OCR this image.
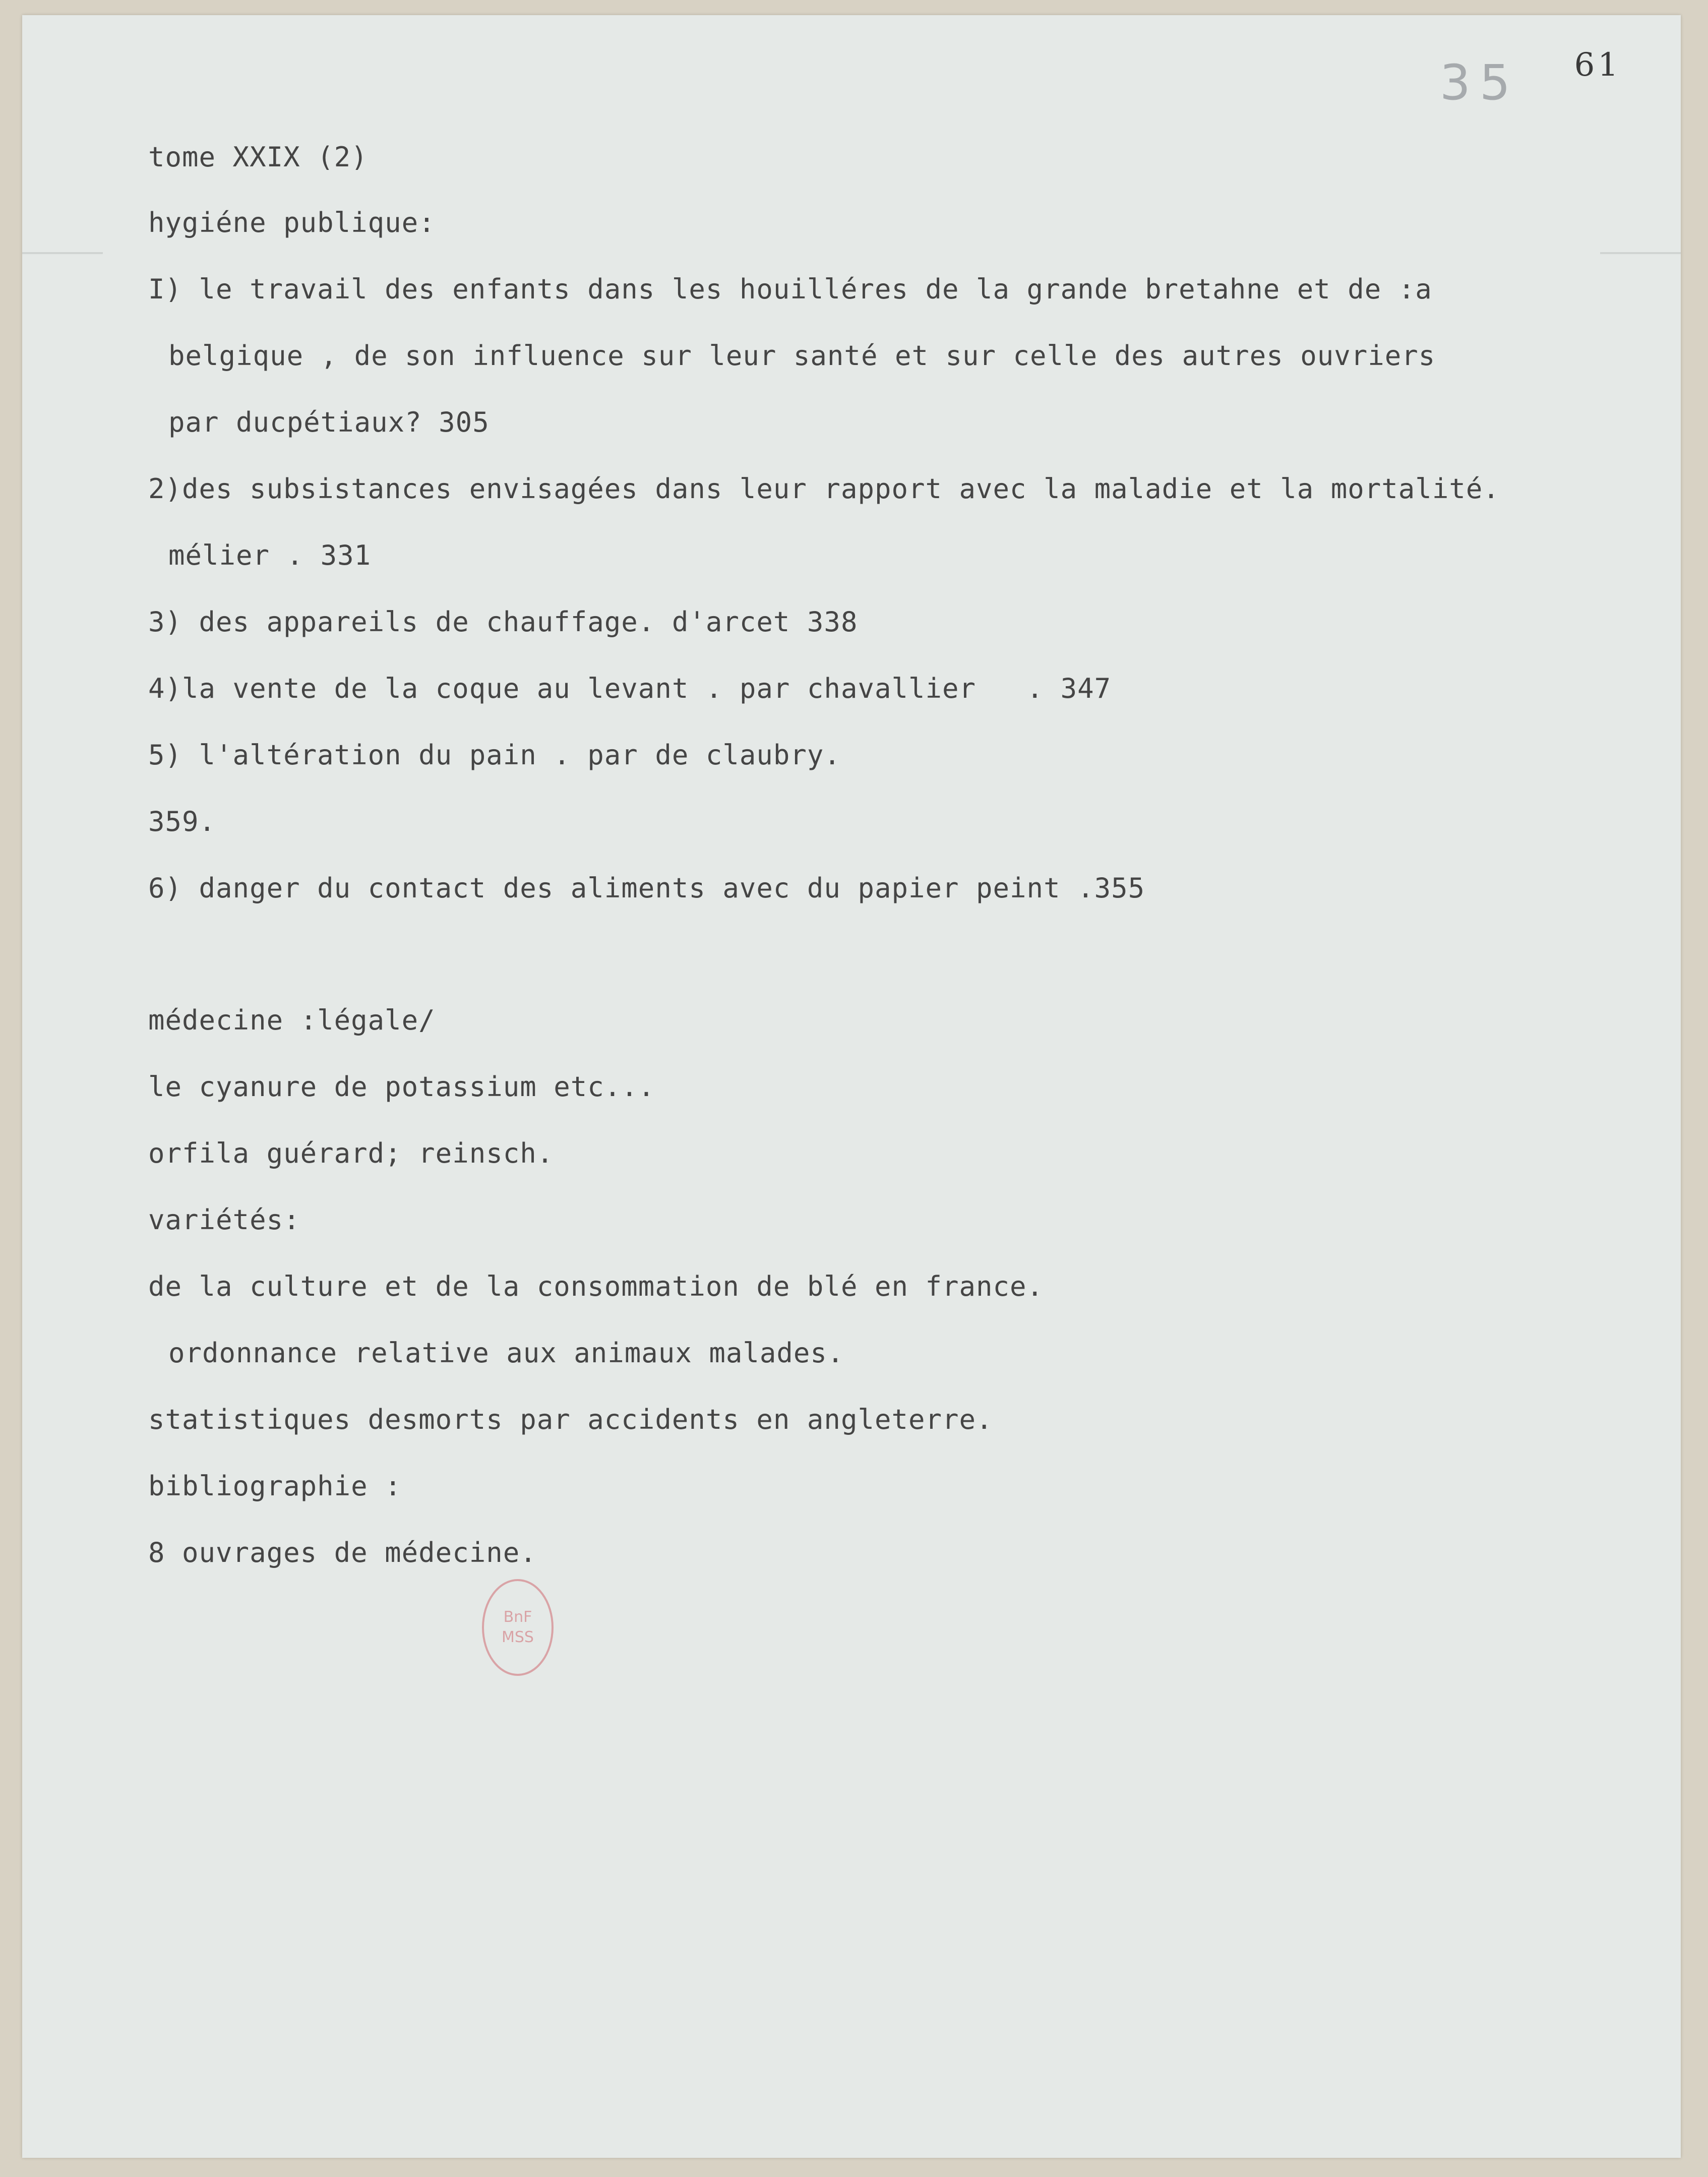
35 61
tome XXIX (2)
hygiéne publique:
I) le travail des enfants dans les houilléres de la grande bretahne et de :a
belgique , de son influence sur leur santé et sur celle des autres ouvriers
par ducpétiaux? 305
2)des subsistances envisagées dans leur rapport avec la maladie et la mortalité.
mélier . 331
3) des appareils de chauffage. d'arcet 338
4)la vente de la coque au levant . par chavallier   . 347
5) l'altération du pain . par de claubry.
359.
6) danger du contact des aliments avec du papier peint .355
médecine :légale/
le cyanure de potassium etc...
orfila guérard; reinsch.
variétés:
de la culture et de la consommation de blé en france.
ordonnance relative aux animaux malades.
statistiques desmorts par accidents en angleterre.
bibliographie :
8 ouvrages de médecine.
BnF
MSS
